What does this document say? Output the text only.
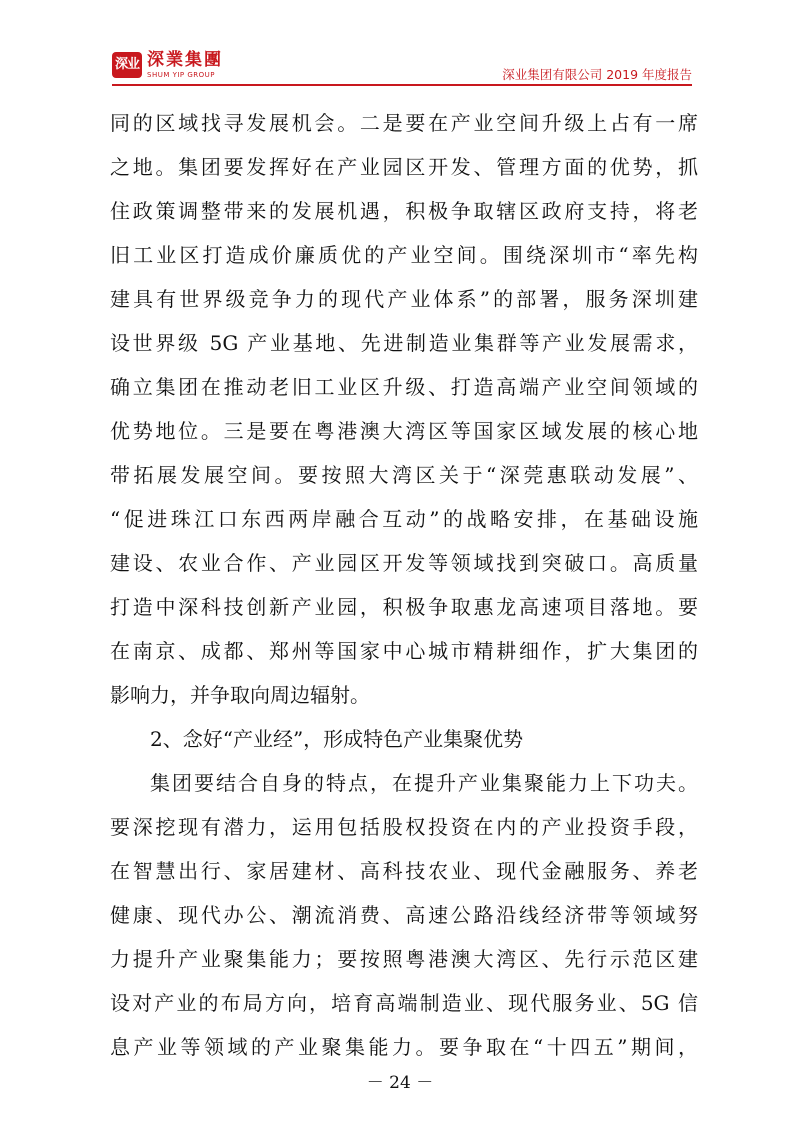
深业 深業集團
SHUM YIP GROUP	深业集团有限公司 2019 年度报告
同的区域找寻发展机会。二是要在产业空间升级上占有一席
之地。集团要发挥好在产业园区开发、管理方面的优势，抓
住政策调整带来的发展机遇，积极争取辖区政府支持，将老
旧工业区打造成价廉质优的产业空间。围绕深圳市“率先构
建具有世界级竞争力的现代产业体系”的部署，服务深圳建
设世界级 5G 产业基地、先进制造业集群等产业发展需求，
确立集团在推动老旧工业区升级、打造高端产业空间领域的
优势地位。三是要在粤港澳大湾区等国家区域发展的核心地
带拓展发展空间。要按照大湾区关于“深莞惠联动发展”、
“促进珠江口东西两岸融合互动”的战略安排，在基础设施
建设、农业合作、产业园区开发等领域找到突破口。高质量
打造中深科技创新产业园，积极争取惠龙高速项目落地。要
在南京、成都、郑州等国家中心城市精耕细作，扩大集团的
影响力，并争取向周边辐射。
2、念好“产业经”，形成特色产业集聚优势
集团要结合自身的特点，在提升产业集聚能力上下功夫。
要深挖现有潜力，运用包括股权投资在内的产业投资手段，
在智慧出行、家居建材、高科技农业、现代金融服务、养老
健康、现代办公、潮流消费、高速公路沿线经济带等领域努
力提升产业聚集能力；要按照粤港澳大湾区、先行示范区建
设对产业的布局方向，培育高端制造业、现代服务业、5G 信
息产业等领域的产业聚集能力。要争取在“十四五”期间，
－ 24 －
